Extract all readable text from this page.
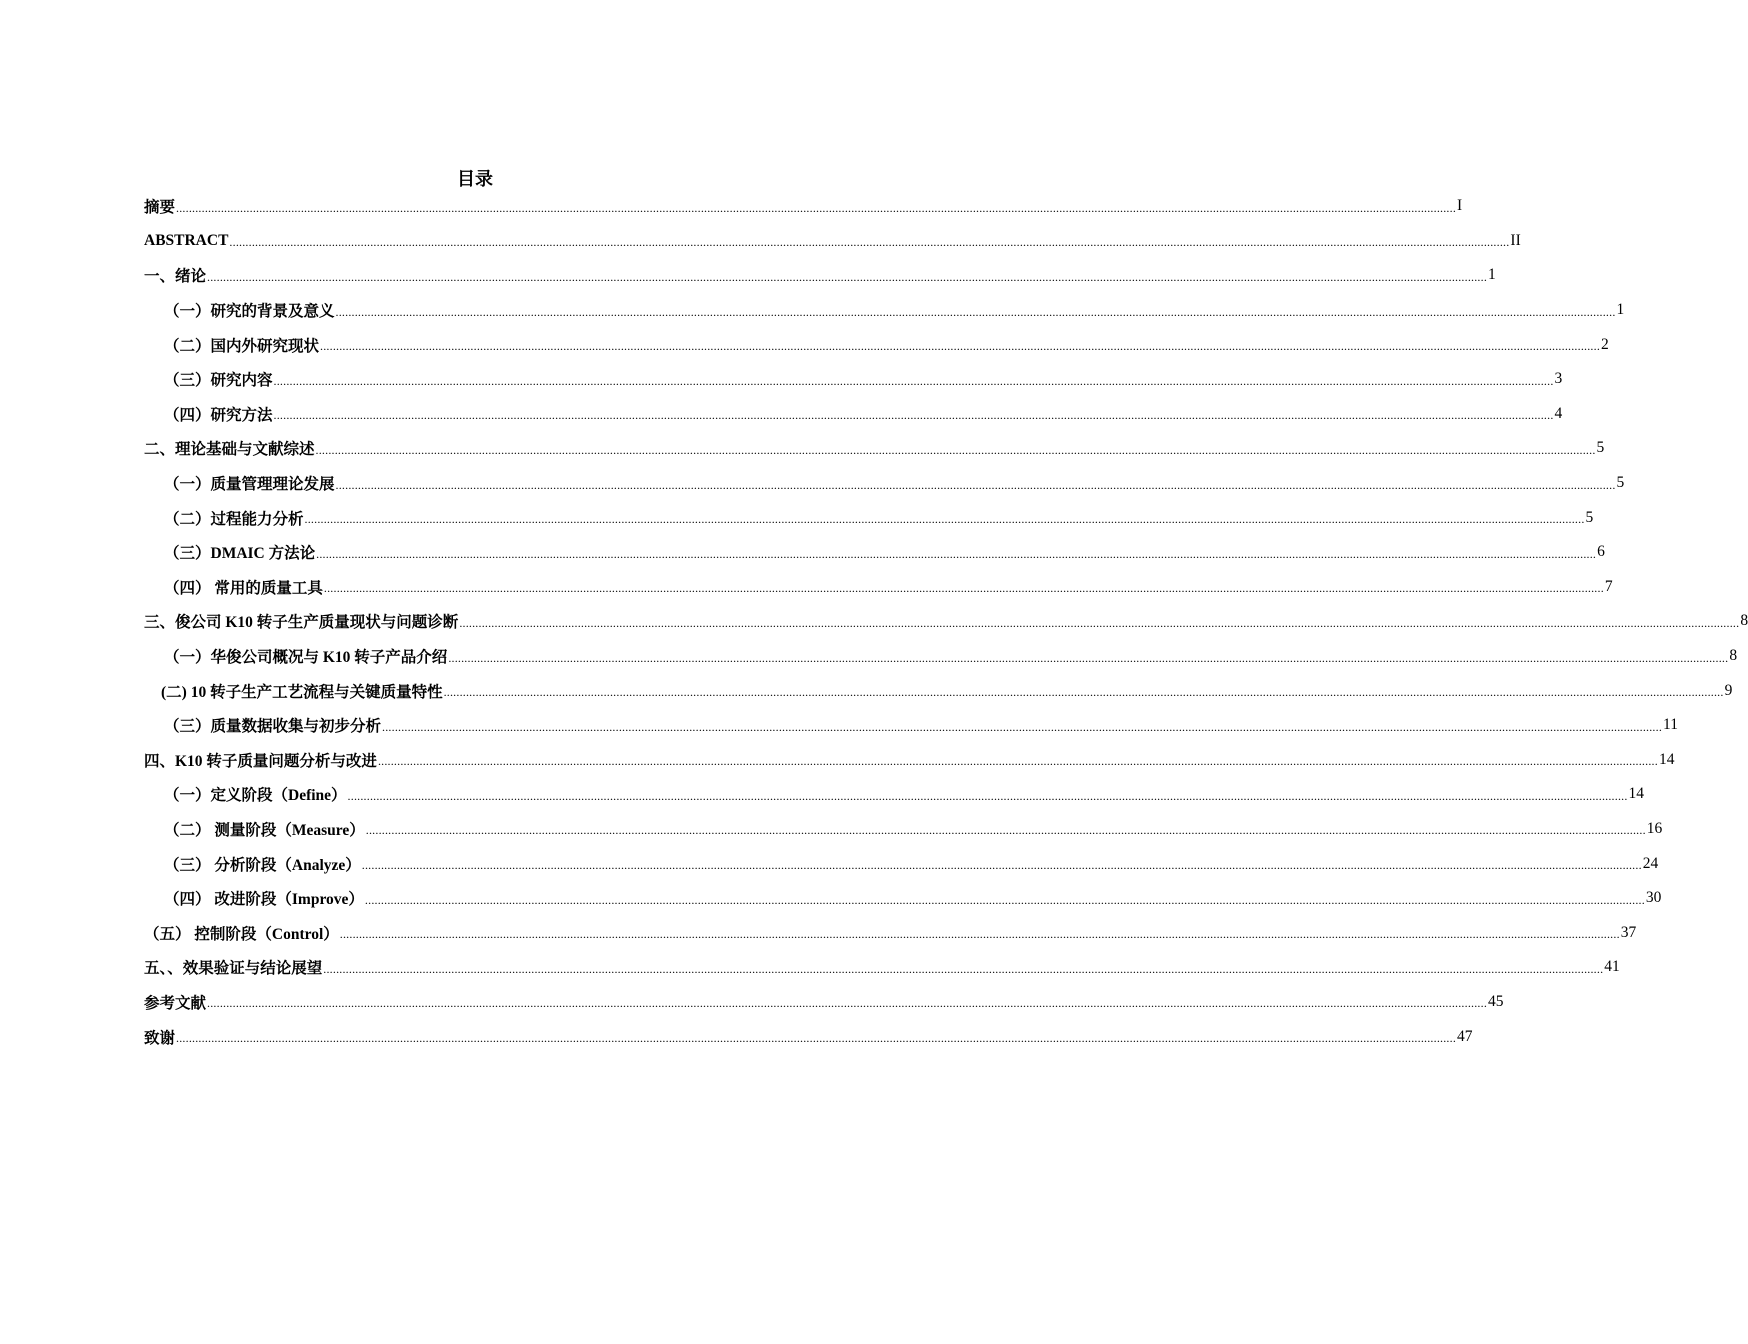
目录
摘要 ................................................................................................................................................................................................................................................................................................................................................................................................................ I
ABSTRACT ................................................................................................................................................................................................................................................................................................................................................................................................................ II
一、绪论 ................................................................................................................................................................................................................................................................................................................................................................................................................ 1
（一）研究的背景及意义 ................................................................................................................................................................................................................................................................................................................................................................................................................ 1
（二）国内外研究现状 ................................................................................................................................................................................................................................................................................................................................................................................................................ 2
（三）研究内容 ................................................................................................................................................................................................................................................................................................................................................................................................................ 3
（四）研究方法 ................................................................................................................................................................................................................................................................................................................................................................................................................ 4
二、理论基础与文献综述 ................................................................................................................................................................................................................................................................................................................................................................................................................ 5
（一）质量管理理论发展 ................................................................................................................................................................................................................................................................................................................................................................................................................ 5
（二）过程能力分析 ................................................................................................................................................................................................................................................................................................................................................................................................................ 5
（三）DMAIC 方法论 ................................................................................................................................................................................................................................................................................................................................................................................................................ 6
（四） 常用的质量工具 ................................................................................................................................................................................................................................................................................................................................................................................................................ 7
三、俊公司 K10 转子生产质量现状与问题诊断 ................................................................................................................................................................................................................................................................................................................................................................................................................ 8
（一）华俊公司概况与 K10 转子产品介绍 ................................................................................................................................................................................................................................................................................................................................................................................................................ 8
(二) 10 转子生产工艺流程与关键质量特性 ................................................................................................................................................................................................................................................................................................................................................................................................................ 9
（三）质量数据收集与初步分析 ................................................................................................................................................................................................................................................................................................................................................................................................................ 11
四、K10 转子质量问题分析与改进 ................................................................................................................................................................................................................................................................................................................................................................................................................ 14
（一）定义阶段（Define） ................................................................................................................................................................................................................................................................................................................................................................................................................ 14
（二） 测量阶段（Measure） ................................................................................................................................................................................................................................................................................................................................................................................................................ 16
（三） 分析阶段（Analyze） ................................................................................................................................................................................................................................................................................................................................................................................................................ 24
（四） 改进阶段（Improve） ................................................................................................................................................................................................................................................................................................................................................................................................................ 30
（五） 控制阶段（Control） ................................................................................................................................................................................................................................................................................................................................................................................................................ 37
五、、效果验证与结论展望 ................................................................................................................................................................................................................................................................................................................................................................................................................ 41
参考文献 ................................................................................................................................................................................................................................................................................................................................................................................................................ 45
致谢 ................................................................................................................................................................................................................................................................................................................................................................................................................ 47
